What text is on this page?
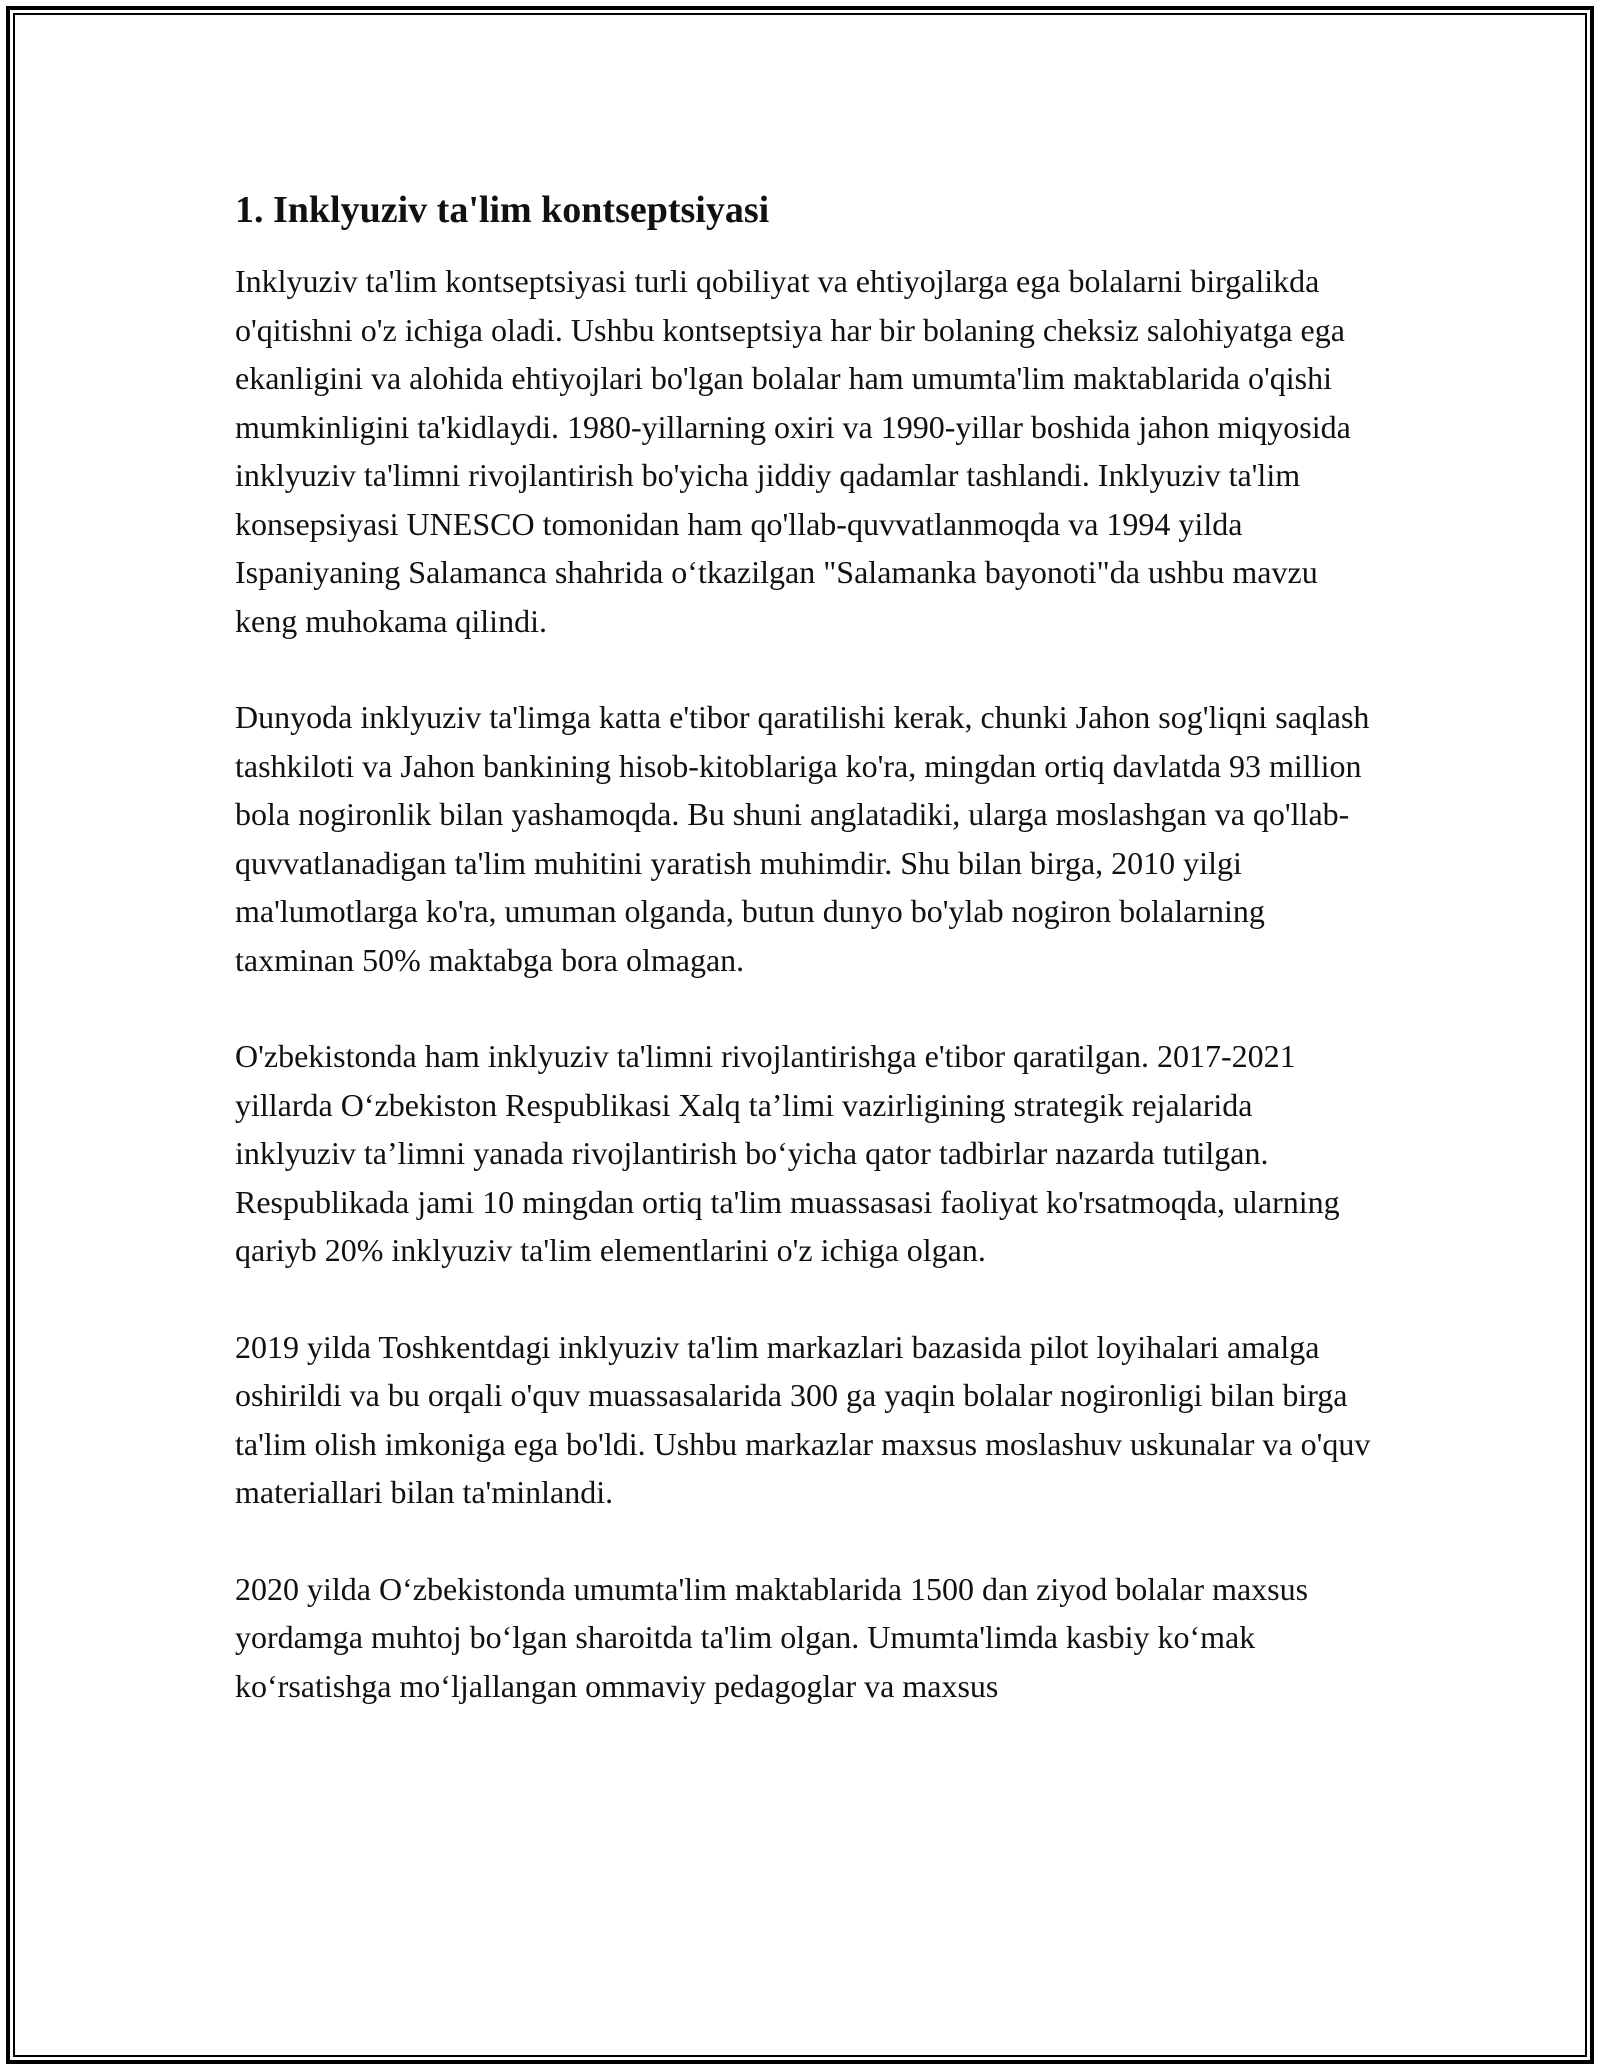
1. Inklyuziv ta'lim kontseptsiyasi

Inklyuziv ta'lim kontseptsiyasi turli qobiliyat va ehtiyojlarga ega bolalarni birgalikda o'qitishni o'z ichiga oladi. Ushbu kontseptsiya har bir bolaning cheksiz salohiyatga ega ekanligini va alohida ehtiyojlari bo'lgan bolalar ham umumta'lim maktablarida o'qishi mumkinligini ta'kidlaydi. 1980-yillarning oxiri va 1990-yillar boshida jahon miqyosida inklyuziv ta'limni rivojlantirish bo'yicha jiddiy qadamlar tashlandi. Inklyuziv ta'lim konsepsiyasi UNESCO tomonidan ham qo'llab-quvvatlanmoqda va 1994 yilda Ispaniyaning Salamanca shahrida o‘tkazilgan "Salamanka bayonoti"da ushbu mavzu keng muhokama qilindi.

Dunyoda inklyuziv ta'limga katta e'tibor qaratilishi kerak, chunki Jahon sog'liqni saqlash tashkiloti va Jahon bankining hisob-kitoblariga ko'ra, mingdan ortiq davlatda 93 million bola nogironlik bilan yashamoqda. Bu shuni anglatadiki, ularga moslashgan va qo'llab-quvvatlanadigan ta'lim muhitini yaratish muhimdir. Shu bilan birga, 2010 yilgi ma'lumotlarga ko'ra, umuman olganda, butun dunyo bo'ylab nogiron bolalarning taxminan 50% maktabga bora olmagan.

O'zbekistonda ham inklyuziv ta'limni rivojlantirishga e'tibor qaratilgan. 2017-2021 yillarda O‘zbekiston Respublikasi Xalq ta’limi vazirligining strategik rejalarida inklyuziv ta’limni yanada rivojlantirish bo‘yicha qator tadbirlar nazarda tutilgan. Respublikada jami 10 mingdan ortiq ta'lim muassasasi faoliyat ko'rsatmoqda, ularning qariyb 20% inklyuziv ta'lim elementlarini o'z ichiga olgan.

2019 yilda Toshkentdagi inklyuziv ta'lim markazlari bazasida pilot loyihalari amalga oshirildi va bu orqali o'quv muassasalarida 300 ga yaqin bolalar nogironligi bilan birga ta'lim olish imkoniga ega bo'ldi. Ushbu markazlar maxsus moslashuv uskunalar va o'quv materiallari bilan ta'minlandi.

2020 yilda O‘zbekistonda umumta'lim maktablarida 1500 dan ziyod bolalar maxsus yordamga muhtoj bo‘lgan sharoitda ta'lim olgan. Umumta'limda kasbiy ko‘mak ko‘rsatishga mo‘ljallangan ommaviy pedagoglar va maxsus
